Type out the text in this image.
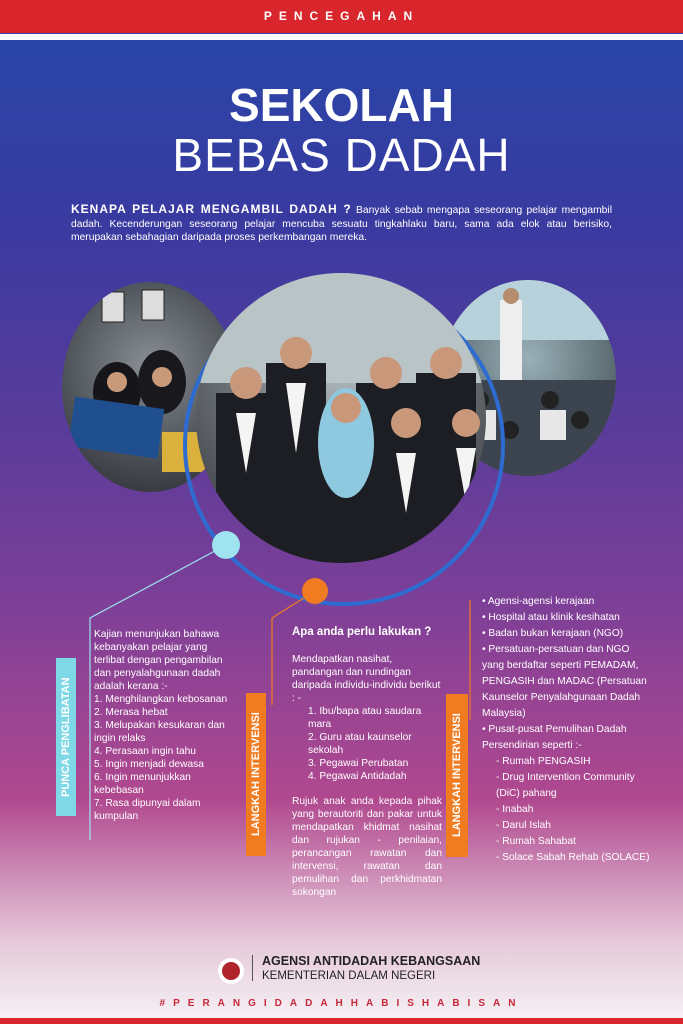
PENCEGAHAN
SEKOLAH
BEBAS DADAH
KENAPA PELAJAR MENGAMBIL DADAH ? Banyak sebab mengapa seseorang pelajar mengambil dadah. Kecenderungan seseorang pelajar mencuba sesuatu tingkahlaku baru, sama ada elok atau berisiko, merupakan sebahagian daripada proses perkembangan mereka.
PUNCA PENGLIBATAN
Kajian menunjukan bahawa kebanyakan pelajar yang terlibat dengan pengambilan dan penyalahgunaan dadah adalah kerana :-
1. Menghilangkan kebosanan
2. Merasa hebat
3. Melupakan kesukaran dan ingin relaks
4. Perasaan ingin tahu
5. Ingin menjadi dewasa
6. Ingin menunjukkan kebebasan
7. Rasa dipunyai dalam kumpulan	LANGKAH INTERVENSI
Apa anda perlu lakukan ?
Mendapatkan nasihat, pandangan dan rundingan daripada individu-individu berikut : -
1. Ibu/bapa atau saudara mara
2. Guru atau kaunselor sekolah
3. Pegawai Perubatan
4. Pegawai Antidadah
Rujuk anak anda kepada pihak yang berautoriti dan pakar untuk mendapatkan khidmat nasihat dan rujukan - penilaian, perancangan rawatan dan intervensi, rawatan dan pemulihan dan perkhidmatan sokongan
LANGKAH INTERVENSI
• Agensi-agensi kerajaan
• Hospital atau klinik kesihatan
• Badan bukan kerajaan (NGO)
• Persatuan-persatuan dan NGO yang berdaftar seperti PEMADAM, PENGASIH dan MADAC (Persatuan Kaunselor Penyalahgunaan Dadah Malaysia)
• Pusat-pusat Pemulihan Dadah Persendirian seperti :-
- Rumah PENGASIH
- Drug Intervention Community (DiC) pahang
- Inabah
- Darul Islah
- Rumah Sahabat
- Solace Sabah Rehab (SOLACE)
AGENSI ANTIDADAH KEBANGSAAN
KEMENTERIAN DALAM NEGERI
#PERANGIDADAHHABISHABISAN
